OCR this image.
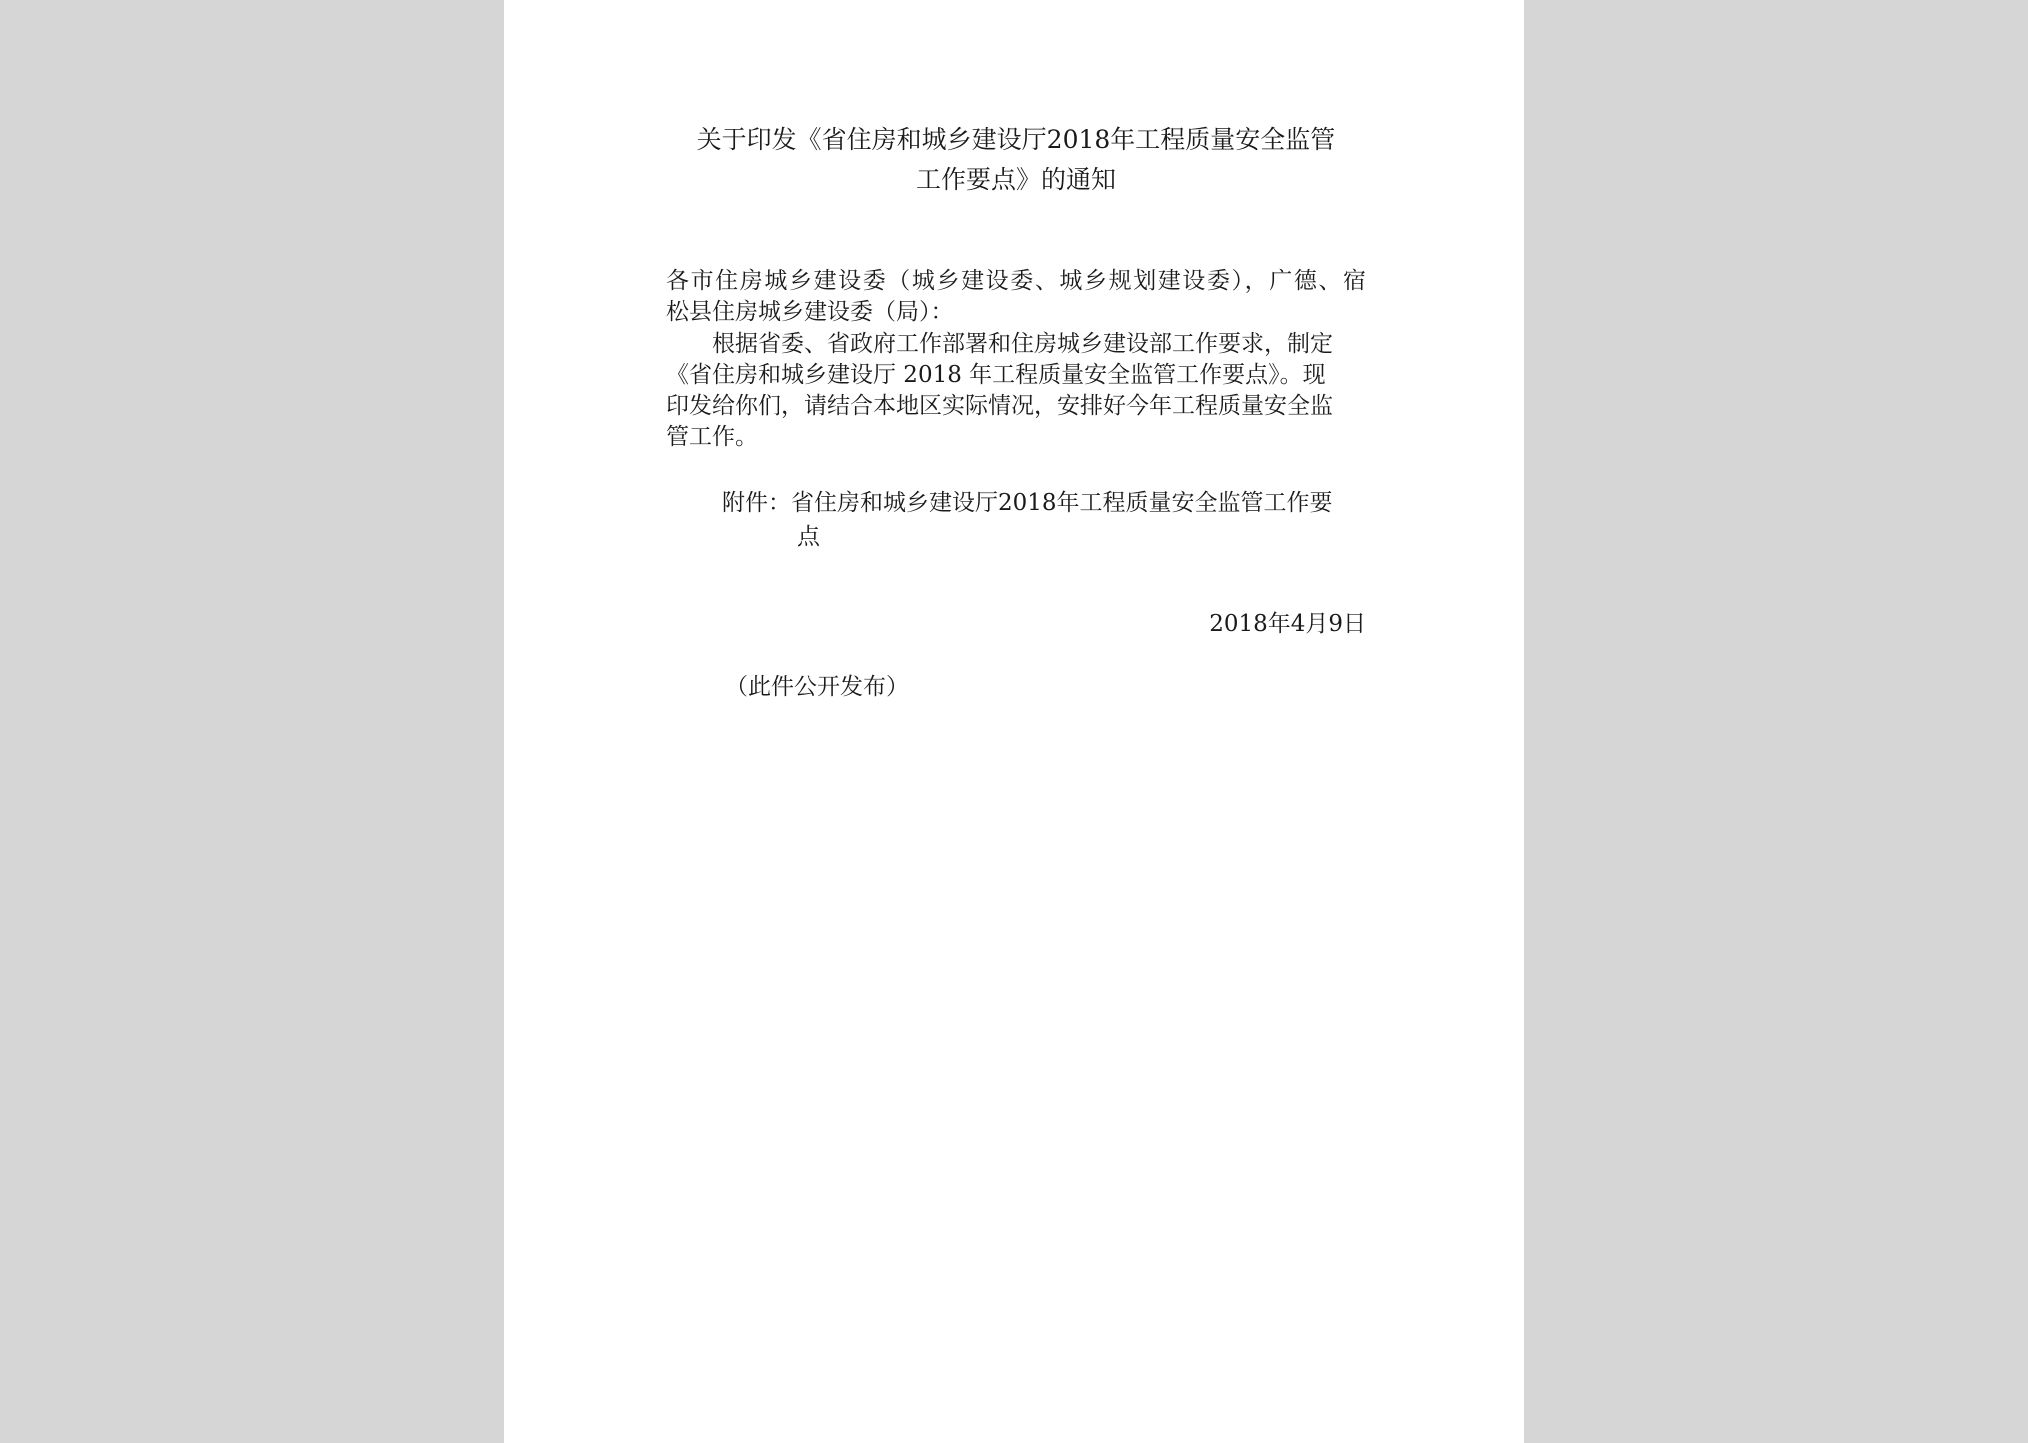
关于印发《省住房和城乡建设厅2018年工程质量安全监管
工作要点》的通知
各市住房城乡建设委（城乡建设委、城乡规划建设委），广德、宿
松县住房城乡建设委（局）：
根据省委、省政府工作部署和住房城乡建设部工作要求，制定
《省住房和城乡建设厅 2018 年工程质量安全监管工作要点》。现
印发给你们，请结合本地区实际情况，安排好今年工程质量安全监
管工作。
附件：省住房和城乡建设厅2018年工程质量安全监管工作要
点
2018年4月9日
（此件公开发布）
